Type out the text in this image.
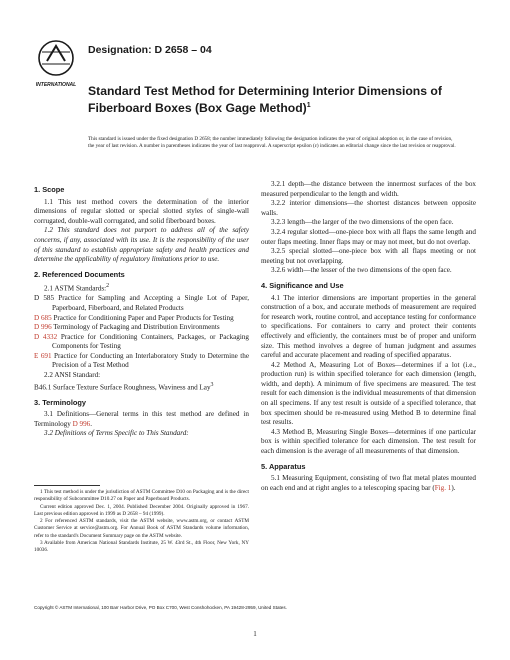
INTERNATIONAL
Designation: D 2658 – 04
Standard Test Method for Determining Interior Dimensions of Fiberboard Boxes (Box Gage Method)$^1$
This standard is issued under the fixed designation D 2658; the number immediately following the designation indicates the year of original adoption or, in the case of revision, the year of last revision. A number in parentheses indicates the year of last reapproval. A superscript epsilon (ε) indicates an editorial change since the last revision or reapproval.

1. Scope

1.1 This test method covers the determination of the interior dimensions of regular slotted or special slotted styles of single-wall corrugated, double-wall corrugated, and solid fiberboard boxes.

1.2 This standard does not purport to address all of the safety concerns, if any, associated with its use. It is the responsibility of the user of this standard to establish appropriate safety and health practices and determine the applicability of regulatory limitations prior to use.

2. Referenced Documents

2.1 ASTM Standards:$^2$

D 585 Practice for Sampling and Accepting a Single Lot of Paper, Paperboard, Fiberboard, and Related Products

D 685 Practice for Conditioning Paper and Paper Products for Testing

D 996 Terminology of Packaging and Distribution Environments

D 4332 Practice for Conditioning Containers, Packages, or Packaging Components for Testing

E 691 Practice for Conducting an Interlaboratory Study to Determine the Precision of a Test Method

2.2 ANSI Standard:

B46.1 Surface Texture Surface Roughness, Waviness and Lay$^3$

3. Terminology

3.1 Definitions—General terms in this test method are defined in Terminology D 996.

3.2 Definitions of Terms Specific to This Standard:

1 This test method is under the jurisdiction of ASTM Committee D10 on Packaging and is the direct responsibility of Subcommittee D10.27 on Paper and Paperboard Products.

Current edition approved Dec. 1, 2004. Published December 2004. Originally approved in 1967. Last previous edition approved in 1999 as D 2658 – 94 (1999).

2 For referenced ASTM standards, visit the ASTM website, www.astm.org, or contact ASTM Customer Service at service@astm.org. For Annual Book of ASTM Standards volume information, refer to the standard's Document Summary page on the ASTM website.

3 Available from American National Standards Institute, 25 W. 43rd St., 4th Floor, New York, NY 10036.

3.2.1 depth—the distance between the innermost surfaces of the box measured perpendicular to the length and width.

3.2.2 interior dimensions—the shortest distances between opposite walls.

3.2.3 length—the larger of the two dimensions of the open face.

3.2.4 regular slotted—one-piece box with all flaps the same length and outer flaps meeting. Inner flaps may or may not meet, but do not overlap.

3.2.5 special slotted—one-piece box with all flaps meeting or not meeting but not overlapping.

3.2.6 width—the lesser of the two dimensions of the open face.

4. Significance and Use

4.1 The interior dimensions are important properties in the general construction of a box, and accurate methods of measurement are required for research work, routine control, and acceptance testing for conformance to specifications. For containers to carry and protect their contents effectively and efficiently, the containers must be of proper and uniform size. This method involves a degree of human judgment and assumes careful and accurate placement and reading of specified apparatus.

4.2 Method A, Measuring Lot of Boxes—determines if a lot (i.e., production run) is within specified tolerance for each dimension (length, width, and depth). A minimum of five specimens are measured. The test result for each dimension is the individual measurements of that dimension on all specimens. If any test result is outside of a specified tolerance, that box specimen should be re-measured using Method B to determine final test results.

4.3 Method B, Measuring Single Boxes—determines if one particular box is within specified tolerance for each dimension. The test result for each dimension is the average of all measurements of that dimension.

5. Apparatus

5.1 Measuring Equipment, consisting of two flat metal plates mounted on each end and at right angles to a telescoping spacing bar (Fig. 1).

Copyright © ASTM International, 100 Barr Harbor Drive, PO Box C700, West Conshohocken, PA 19428-2959, United States.
1
